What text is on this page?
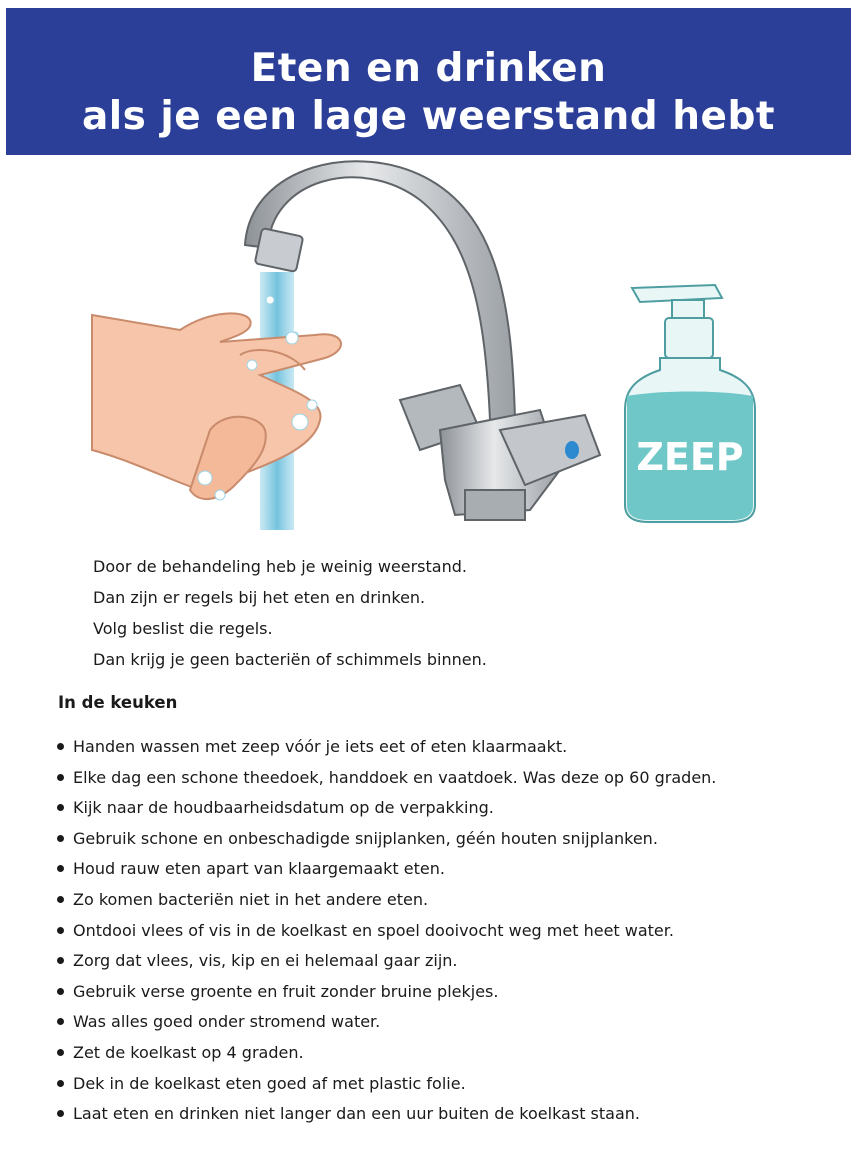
Eten en drinken
als je een lage weerstand hebt
ZEEP

Door de behandeling heb je weinig weerstand.

Dan zijn er regels bij het eten en drinken.

Volg beslist die regels.

Dan krijg je geen bacteriën of schimmels binnen.

In de keuken
Handen wassen met zeep vóór je iets eet of eten klaarmaakt.
Elke dag een schone theedoek, handdoek en vaatdoek. Was deze op 60 graden.
Kijk naar de houdbaarheidsdatum op de verpakking.
Gebruik schone en onbeschadigde snijplanken, géén houten snijplanken.
Houd rauw eten apart van klaargemaakt eten.
Zo komen bacteriën niet in het andere eten.
Ontdooi vlees of vis in de koelkast en spoel dooivocht weg met heet water.
Zorg dat vlees, vis, kip en ei helemaal gaar zijn.
Gebruik verse groente en fruit zonder bruine plekjes.
Was alles goed onder stromend water.
Zet de koelkast op 4 graden.
Dek in de koelkast eten goed af met plastic folie.
Laat eten en drinken niet langer dan een uur buiten de koelkast staan.
